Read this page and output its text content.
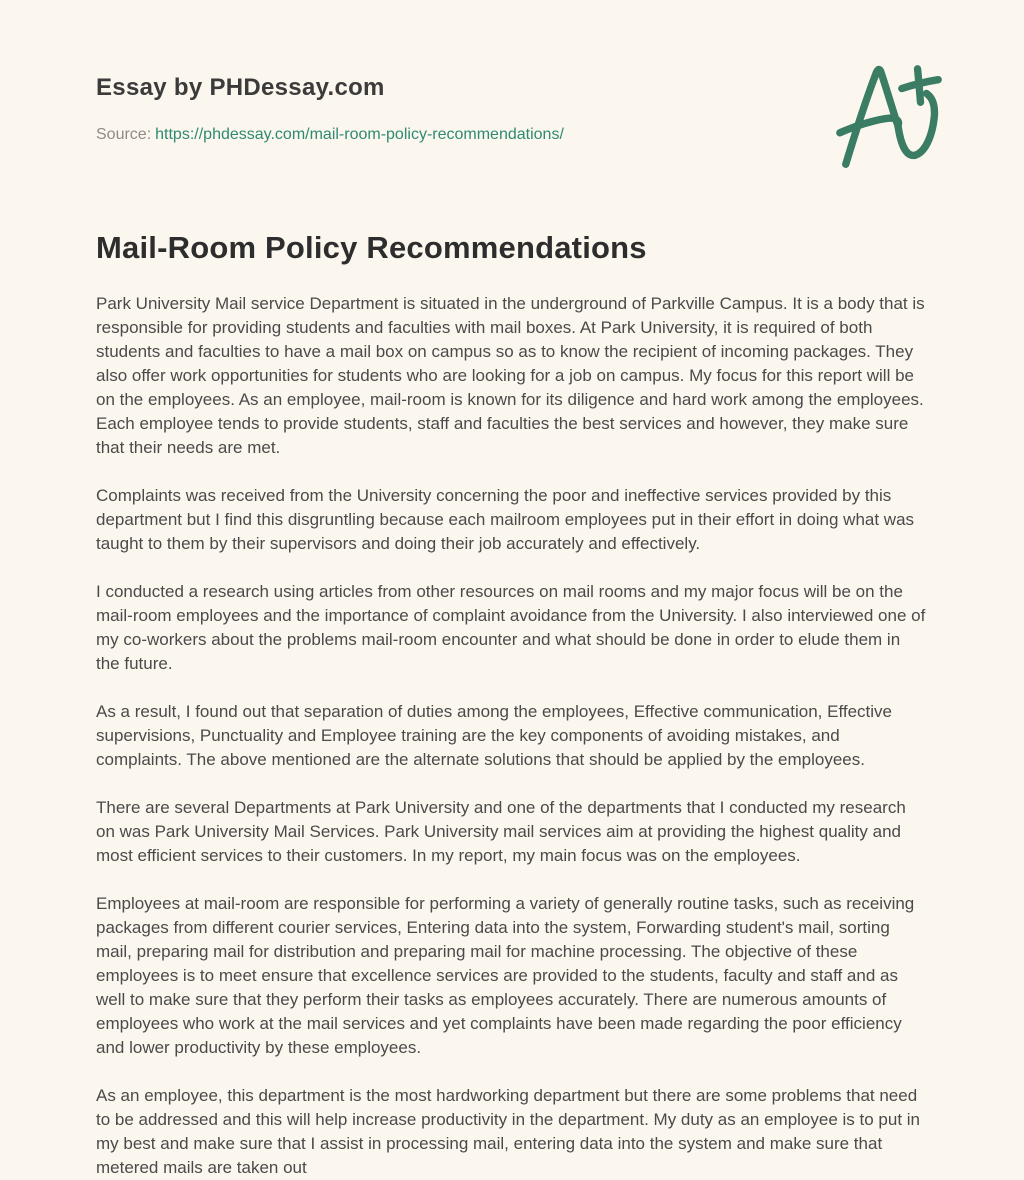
Essay by PHDessay.com

Source: https://phdessay.com/mail-room-policy-recommendations/

Mail-Room Policy Recommendations

Park University Mail service Department is situated in the underground of Parkville Campus. It is a body that is responsible for providing students and faculties with mail boxes. At Park University, it is required of both students and faculties to have a mail box on campus so as to know the recipient of incoming packages. They also offer work opportunities for students who are looking for a job on campus. My focus for this report will be on the employees. As an employee, mail-room is known for its diligence and hard work among the employees. Each employee tends to provide students, staff and faculties the best services and however, they make sure that their needs are met.

Complaints was received from the University concerning the poor and ineffective services provided by this department but I find this disgruntling because each mailroom employees put in their effort in doing what was taught to them by their supervisors and doing their job accurately and effectively.

I conducted a research using articles from other resources on mail rooms and my major focus will be on the mail-room employees and the importance of complaint avoidance from the University. I also interviewed one of my co-workers about the problems mail-room encounter and what should be done in order to elude them in the future.

As a result, I found out that separation of duties among the employees, Effective communication, Effective supervisions, Punctuality and Employee training are the key components of avoiding mistakes, and complaints. The above mentioned are the alternate solutions that should be applied by the employees.

There are several Departments at Park University and one of the departments that I conducted my research on was Park University Mail Services. Park University mail services aim at providing the highest quality and most efficient services to their customers. In my report, my main focus was on the employees.

Employees at mail-room are responsible for performing a variety of generally routine tasks, such as receiving packages from different courier services, Entering data into the system, Forwarding student's mail, sorting mail, preparing mail for distribution and preparing mail for machine processing. The objective of these employees is to meet ensure that excellence services are provided to the students, faculty and staff and as well to make sure that they perform their tasks as employees accurately. There are numerous amounts of employees who work at the mail services and yet complaints have been made regarding the poor efficiency and lower productivity by these employees.

As an employee, this department is the most hardworking department but there are some problems that need to be addressed and this will help increase productivity in the department. My duty as an employee is to put in my best and make sure that I assist in processing mail, entering data into the system and make sure that metered mails are taken out
